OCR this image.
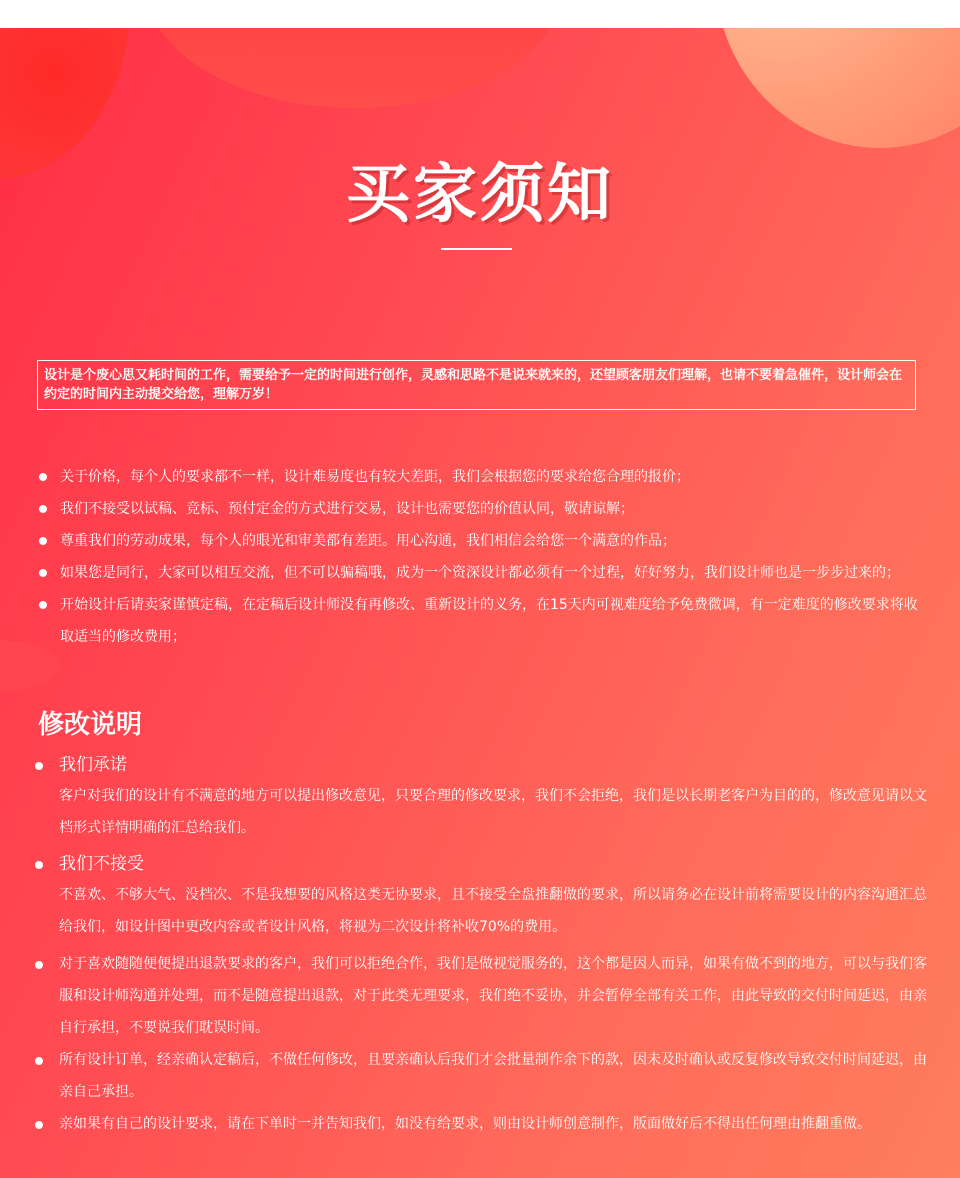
买家须知
设计是个废心思又耗时间的工作，需要给予一定的时间进行创作，灵感和思路不是说来就来的，还望顾客朋友们理解，也请不要着急催件，设计师会在约定的时间内主动提交给您，理解万岁！
关于价格，每个人的要求都不一样，设计难易度也有较大差距，我们会根据您的要求给您合理的报价；
我们不接受以试稿、竞标、预付定金的方式进行交易，设计也需要您的价值认同，敬请谅解；
尊重我们的劳动成果，每个人的眼光和审美都有差距。用心沟通，我们相信会给您一个满意的作品；
如果您是同行，大家可以相互交流，但不可以骗稿哦，成为一个资深设计都必须有一个过程，好好努力，我们设计师也是一步步过来的；
开始设计后请卖家谨慎定稿，在定稿后设计师没有再修改、重新设计的义务，在15天内可视难度给予免费微调，有一定难度的修改要求将收取适当的修改费用；
修改说明
我们承诺
客户对我们的设计有不满意的地方可以提出修改意见，只要合理的修改要求，我们不会拒绝，我们是以长期老客户为目的的，修改意见请以文档形式详情明确的汇总给我们。
我们不接受
不喜欢、不够大气、没档次、不是我想要的风格这类无协要求，且不接受全盘推翻做的要求，所以请务必在设计前将需要设计的内容沟通汇总给我们，如设计图中更改内容或者设计风格，将视为二次设计将补收70%的费用。
对于喜欢随随便便提出退款要求的客户，我们可以拒绝合作，我们是做视觉服务的，这个都是因人而异，如果有做不到的地方，可以与我们客服和设计师沟通并处理，而不是随意提出退款，对于此类无理要求，我们绝不妥协，并会暂停全部有关工作，由此导致的交付时间延迟，由亲自行承担，不要说我们耽误时间。
所有设计订单，经亲确认定稿后，不做任何修改，且要亲确认后我们才会批量制作余下的款，因未及时确认或反复修改导致交付时间延迟，由亲自己承担。
亲如果有自己的设计要求，请在下单时一并告知我们，如没有给要求，则由设计师创意制作，版面做好后不得出任何理由推翻重做。
